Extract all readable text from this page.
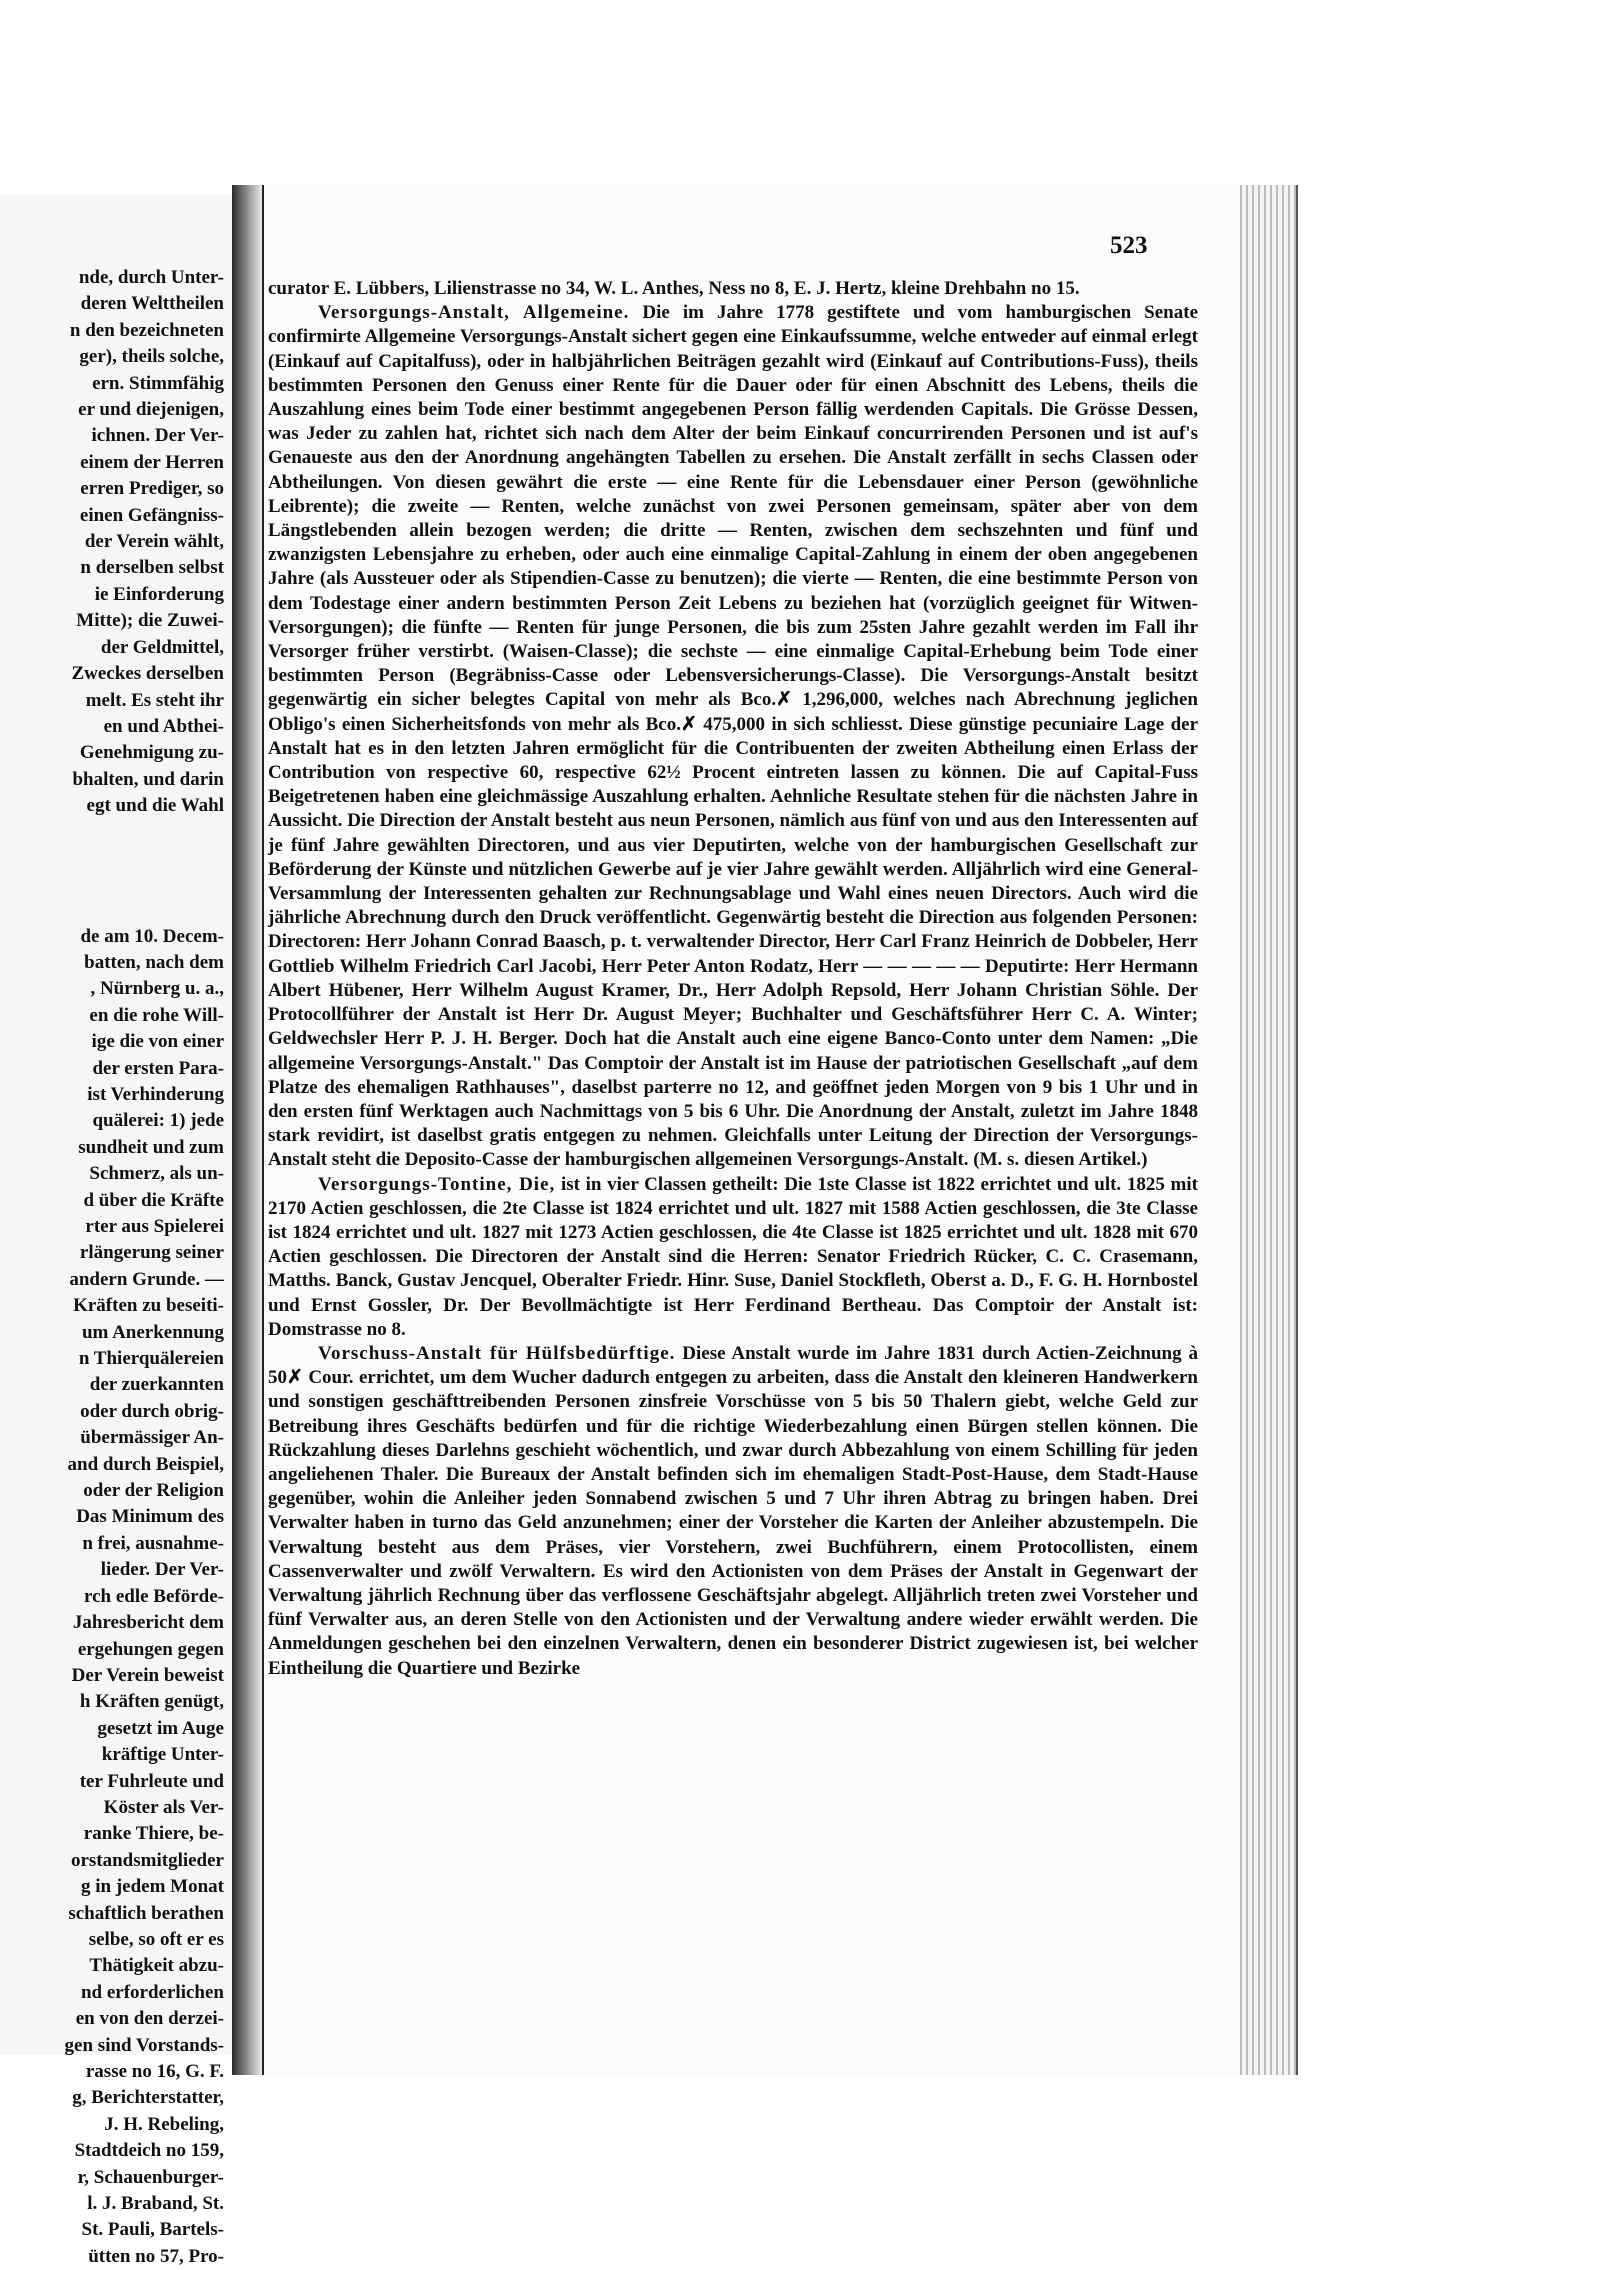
nde, durch Unter-
deren Welttheilen
n den bezeichneten
ger), theils solche,
ern. Stimmfähig
er und diejenigen,
ichnen. Der Ver-
einem der Herren
erren Prediger, so
einen Gefängniss-
der Verein wählt,
n derselben selbst
ie Einforderung
Mitte); die Zuwei-
der Geldmittel,
Zweckes derselben
melt. Es steht ihr
en und Abthei-
Genehmigung zu-
bhalten, und darin
egt und die Wahl
de am 10. Decem-
batten, nach dem
, Nürnberg u. a.,
en die rohe Will-
ige die von einer
der ersten Para-
ist Verhinderung
quälerei: 1) jede
sundheit und zum
Schmerz, als un-
d über die Kräfte
rter aus Spielerei
rlängerung seiner
andern Grunde. —
Kräften zu beseiti-
um Anerkennung
n Thierquälereien
der zuerkannten
oder durch obrig-
übermässiger An-
and durch Beispiel,
oder der Religion
Das Minimum des
n frei, ausnahme-
lieder. Der Ver-
rch edle Beförde-
Jahresbericht dem
ergehungen gegen
Der Verein beweist
h Kräften genügt,
gesetzt im Auge
kräftige Unter-
ter Fuhrleute und
Köster als Ver-
ranke Thiere, be-
orstandsmitglieder
g in jedem Monat
schaftlich berathen
selbe, so oft er es
Thätigkeit abzu-
nd erforderlichen
en von den derzei-
gen sind Vorstands-
rasse no 16, G. F.
g, Berichterstatter,
J. H. Rebeling,
Stadtdeich no 159,
r, Schauenburger-
l. J. Braband, St.
St. Pauli, Bartels-
ütten no 57, Pro-
523

curator E. Lübbers, Lilienstrasse no 34, W. L. Anthes, Ness no 8, E. J. Hertz, kleine Drehbahn no 15.

Versorgungs-Anstalt, Allgemeine. Die im Jahre 1778 gestiftete und vom hamburgischen Senate confirmirte Allgemeine Versorgungs-Anstalt sichert gegen eine Einkaufssumme, welche entweder auf einmal erlegt (Einkauf auf Capitalfuss), oder in halbjährlichen Beiträgen gezahlt wird (Einkauf auf Contributions-Fuss), theils bestimmten Personen den Genuss einer Rente für die Dauer oder für einen Abschnitt des Lebens, theils die Auszahlung eines beim Tode einer bestimmt angegebenen Person fällig werdenden Capitals. Die Grösse Dessen, was Jeder zu zahlen hat, richtet sich nach dem Alter der beim Einkauf concurrirenden Personen und ist auf's Genaueste aus den der Anordnung angehängten Tabellen zu ersehen. Die Anstalt zerfällt in sechs Classen oder Abtheilungen. Von diesen gewährt die erste — eine Rente für die Lebensdauer einer Person (gewöhnliche Leibrente); die zweite — Renten, welche zunächst von zwei Personen gemeinsam, später aber von dem Längstlebenden allein bezogen werden; die dritte — Renten, zwischen dem sechszehnten und fünf und zwanzigsten Lebensjahre zu erheben, oder auch eine einmalige Capital-Zahlung in einem der oben angegebenen Jahre (als Aussteuer oder als Stipendien-Casse zu benutzen); die vierte — Renten, die eine bestimmte Person von dem Todestage einer andern bestimmten Person Zeit Lebens zu beziehen hat (vorzüglich geeignet für Witwen-Versorgungen); die fünfte — Renten für junge Personen, die bis zum 25sten Jahre gezahlt werden im Fall ihr Versorger früher verstirbt. (Waisen-Classe); die sechste — eine einmalige Capital-Erhebung beim Tode einer bestimmten Person (Begräbniss-Casse oder Lebensversicherungs-Classe). Die Versorgungs-Anstalt besitzt gegenwärtig ein sicher belegtes Capital von mehr als Bco.✗ 1,296,000, welches nach Abrechnung jeglichen Obligo's einen Sicherheitsfonds von mehr als Bco.✗ 475,000 in sich schliesst. Diese günstige pecuniaire Lage der Anstalt hat es in den letzten Jahren ermöglicht für die Contribuenten der zweiten Abtheilung einen Erlass der Contribution von respective 60, respective 62½ Procent eintreten lassen zu können. Die auf Capital-Fuss Beigetretenen haben eine gleichmässige Auszahlung erhalten. Aehnliche Resultate stehen für die nächsten Jahre in Aussicht. Die Direction der Anstalt besteht aus neun Personen, nämlich aus fünf von und aus den Interessenten auf je fünf Jahre gewählten Directoren, und aus vier Deputirten, welche von der hamburgischen Gesellschaft zur Beförderung der Künste und nützlichen Gewerbe auf je vier Jahre gewählt werden. Alljährlich wird eine General-Versammlung der Interessenten gehalten zur Rechnungsablage und Wahl eines neuen Directors. Auch wird die jährliche Abrechnung durch den Druck veröffentlicht. Gegenwärtig besteht die Direction aus folgenden Personen: Directoren: Herr Johann Conrad Baasch, p. t. verwaltender Director, Herr Carl Franz Heinrich de Dobbeler, Herr Gottlieb Wilhelm Friedrich Carl Jacobi, Herr Peter Anton Rodatz, Herr — — — — — Deputirte: Herr Hermann Albert Hübener, Herr Wilhelm August Kramer, Dr., Herr Adolph Repsold, Herr Johann Christian Söhle. Der Protocollführer der Anstalt ist Herr Dr. August Meyer; Buchhalter und Geschäftsführer Herr C. A. Winter; Geldwechsler Herr P. J. H. Berger. Doch hat die Anstalt auch eine eigene Banco-Conto unter dem Namen: „Die allgemeine Versorgungs-Anstalt." Das Comptoir der Anstalt ist im Hause der patriotischen Gesellschaft „auf dem Platze des ehemaligen Rathhauses", daselbst parterre no 12, and geöffnet jeden Morgen von 9 bis 1 Uhr und in den ersten fünf Werktagen auch Nachmittags von 5 bis 6 Uhr. Die Anordnung der Anstalt, zuletzt im Jahre 1848 stark revidirt, ist daselbst gratis entgegen zu nehmen. Gleichfalls unter Leitung der Direction der Versorgungs-Anstalt steht die Deposito-Casse der hamburgischen allgemeinen Versorgungs-Anstalt. (M. s. diesen Artikel.)

Versorgungs-Tontine, Die, ist in vier Classen getheilt: Die 1ste Classe ist 1822 errichtet und ult. 1825 mit 2170 Actien geschlossen, die 2te Classe ist 1824 errichtet und ult. 1827 mit 1588 Actien geschlossen, die 3te Classe ist 1824 errichtet und ult. 1827 mit 1273 Actien geschlossen, die 4te Classe ist 1825 errichtet und ult. 1828 mit 670 Actien geschlossen. Die Directoren der Anstalt sind die Herren: Senator Friedrich Rücker, C. C. Crasemann, Matths. Banck, Gustav Jencquel, Oberalter Friedr. Hinr. Suse, Daniel Stockfleth, Oberst a. D., F. G. H. Hornbostel und Ernst Gossler, Dr. Der Bevollmächtigte ist Herr Ferdinand Bertheau. Das Comptoir der Anstalt ist: Domstrasse no 8.

Vorschuss-Anstalt für Hülfsbedürftige. Diese Anstalt wurde im Jahre 1831 durch Actien-Zeichnung à 50✗ Cour. errichtet, um dem Wucher dadurch entgegen zu arbeiten, dass die Anstalt den kleineren Handwerkern und sonstigen geschäfttreibenden Personen zinsfreie Vorschüsse von 5 bis 50 Thalern giebt, welche Geld zur Betreibung ihres Geschäfts bedürfen und für die richtige Wiederbezahlung einen Bürgen stellen können. Die Rückzahlung dieses Darlehns geschieht wöchentlich, und zwar durch Abbezahlung von einem Schilling für jeden angeliehenen Thaler. Die Bureaux der Anstalt befinden sich im ehemaligen Stadt-Post-Hause, dem Stadt-Hause gegenüber, wohin die Anleiher jeden Sonnabend zwischen 5 und 7 Uhr ihren Abtrag zu bringen haben. Drei Verwalter haben in turno das Geld anzunehmen; einer der Vorsteher die Karten der Anleiher abzustempeln. Die Verwaltung besteht aus dem Präses, vier Vorstehern, zwei Buchführern, einem Protocollisten, einem Cassenverwalter und zwölf Verwaltern. Es wird den Actionisten von dem Präses der Anstalt in Gegenwart der Verwaltung jährlich Rechnung über das verflossene Geschäftsjahr abgelegt. Alljährlich treten zwei Vorsteher und fünf Verwalter aus, an deren Stelle von den Actionisten und der Verwaltung andere wieder erwählt werden. Die Anmeldungen geschehen bei den einzelnen Verwaltern, denen ein besonderer District zugewiesen ist, bei welcher Eintheilung die Quartiere und Bezirke
